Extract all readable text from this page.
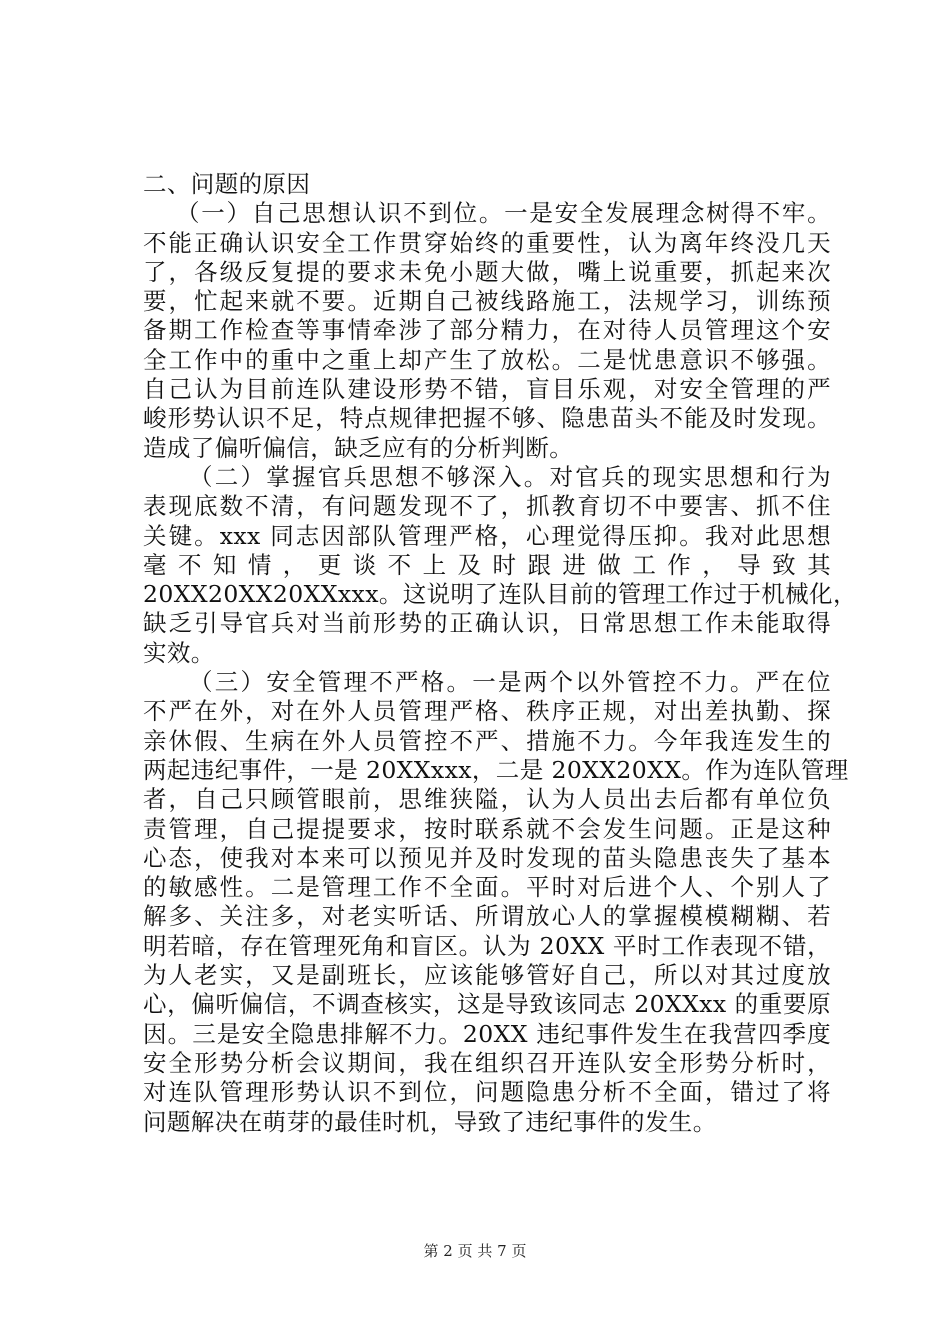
二、问题的原因
（一）自己思想认识不到位。一是安全发展理念树得不牢。
不能正确认识安全工作贯穿始终的重要性，认为离年终没几天
了，各级反复提的要求未免小题大做，嘴上说重要，抓起来次
要，忙起来就不要。近期自己被线路施工，法规学习，训练预
备期工作检查等事情牵涉了部分精力，在对待人员管理这个安
全工作中的重中之重上却产生了放松。二是忧患意识不够强。
自己认为目前连队建设形势不错，盲目乐观，对安全管理的严
峻形势认识不足，特点规律把握不够、隐患苗头不能及时发现。
造成了偏听偏信，缺乏应有的分析判断。
（二）掌握官兵思想不够深入。对官兵的现实思想和行为
表现底数不清，有问题发现不了，抓教育切不中要害、抓不住
关键。xxx 同志因部队管理严格，心理觉得压抑。我对此思想
毫不知情，更谈不上及时跟进做工作，导致其
20XX20XX20XXxxx。这说明了连队目前的管理工作过于机械化，
缺乏引导官兵对当前形势的正确认识，日常思想工作未能取得
实效。
（三）安全管理不严格。一是两个以外管控不力。严在位
不严在外，对在外人员管理严格、秩序正规，对出差执勤、探
亲休假、生病在外人员管控不严、措施不力。今年我连发生的
两起违纪事件，一是 20XXxxx，二是 20XX20XX。作为连队管理
者，自己只顾管眼前，思维狭隘，认为人员出去后都有单位负
责管理，自己提提要求，按时联系就不会发生问题。正是这种
心态，使我对本来可以预见并及时发现的苗头隐患丧失了基本
的敏感性。二是管理工作不全面。平时对后进个人、个别人了
解多、关注多，对老实听话、所谓放心人的掌握模模糊糊、若
明若暗，存在管理死角和盲区。认为 20XX 平时工作表现不错，
为人老实，又是副班长，应该能够管好自己，所以对其过度放
心，偏听偏信，不调查核实，这是导致该同志 20XXxx 的重要原
因。三是安全隐患排解不力。20XX 违纪事件发生在我营四季度
安全形势分析会议期间，我在组织召开连队安全形势分析时，
对连队管理形势认识不到位，问题隐患分析不全面，错过了将
问题解决在萌芽的最佳时机，导致了违纪事件的发生。
第 2 页 共 7 页
